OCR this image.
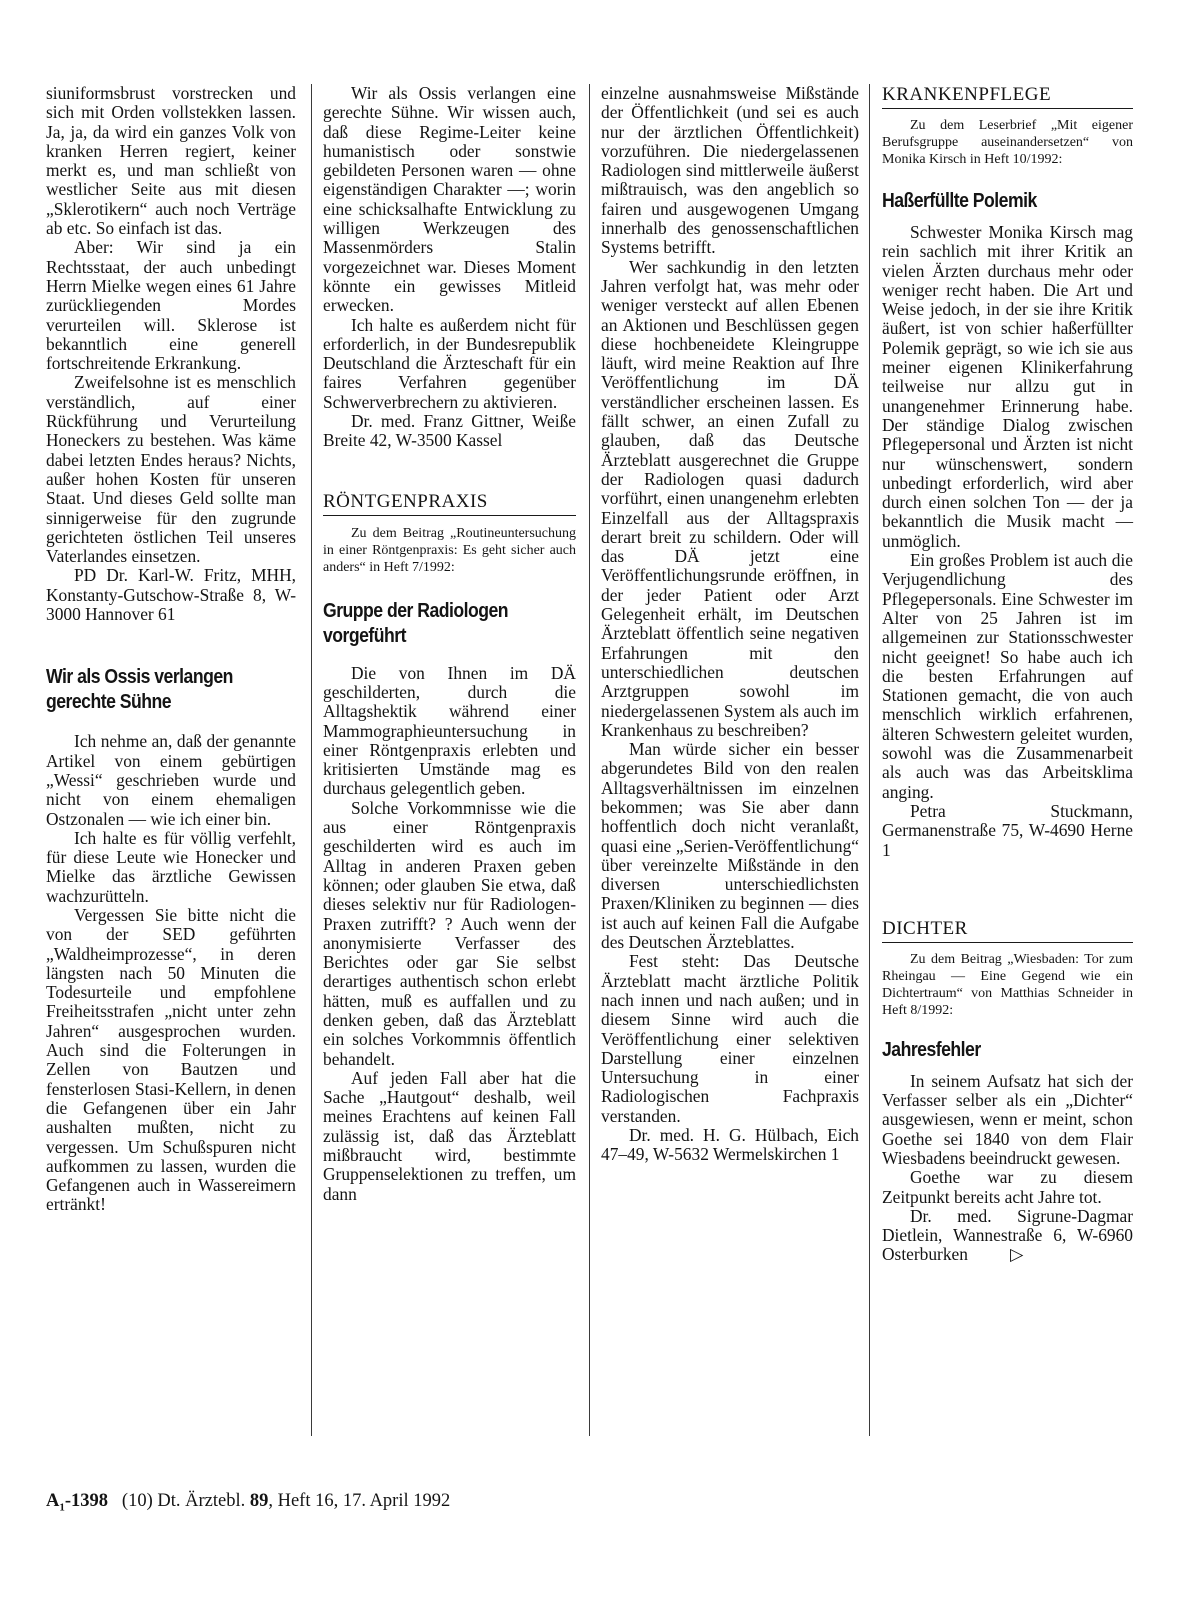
siuniformsbrust vorstrecken und sich mit Orden vollstekken lassen. Ja, ja, da wird ein ganzes Volk von kranken Herren regiert, keiner merkt es, und man schließt von westlicher Seite aus mit diesen „Sklerotikern“ auch noch Verträge ab etc. So einfach ist das.

Aber: Wir sind ja ein Rechtsstaat, der auch unbedingt Herrn Mielke wegen eines 61 Jahre zurückliegenden Mordes verurteilen will. Sklerose ist bekanntlich eine generell fortschreitende Erkrankung.

Zweifelsohne ist es menschlich verständlich, auf einer Rückführung und Verurteilung Honeckers zu bestehen. Was käme dabei letzten Endes heraus? Nichts, außer hohen Kosten für unseren Staat. Und dieses Geld sollte man sinnigerweise für den zugrunde gerichteten östlichen Teil unseres Vaterlandes einsetzen.

PD Dr. Karl-W. Fritz, MHH, Konstanty-Gutschow-Straße 8, W-3000 Hannover 61

Wir als Ossis verlangen gerechte Sühne

Ich nehme an, daß der genannte Artikel von einem gebürtigen „Wessi“ geschrieben wurde und nicht von einem ehemaligen Ostzonalen — wie ich einer bin.

Ich halte es für völlig verfehlt, für diese Leute wie Honecker und Mielke das ärztliche Gewissen wachzurütteln.

Vergessen Sie bitte nicht die von der SED geführten „Waldheimprozesse“, in deren längsten nach 50 Minuten die Todesurteile und empfohlene Freiheitsstrafen „nicht unter zehn Jahren“ ausgesprochen wurden. Auch sind die Folterungen in Zellen von Bautzen und fensterlosen Stasi-Kellern, in denen die Gefangenen über ein Jahr aushalten mußten, nicht zu vergessen. Um Schußspuren nicht aufkommen zu lassen, wurden die Gefangenen auch in Wassereimern ertränkt!

Wir als Ossis verlangen eine gerechte Sühne. Wir wissen auch, daß diese Regime-Leiter keine humanistisch oder sonstwie gebildeten Personen waren — ohne eigenständigen Charakter —; worin eine schicksalhafte Entwicklung zu willigen Werkzeugen des Massenmörders Stalin vorgezeichnet war. Dieses Moment könnte ein gewisses Mitleid erwecken.

Ich halte es außerdem nicht für erforderlich, in der Bundesrepublik Deutschland die Ärzteschaft für ein faires Verfahren gegenüber Schwerverbrechern zu aktivieren.

Dr. med. Franz Gittner, Weiße Breite 42, W-3500 Kassel

RÖNTGENPRAXIS

Zu dem Beitrag „Routineuntersuchung in einer Röntgenpraxis: Es geht sicher auch anders“ in Heft 7/1992:

Gruppe der Radiologen vorgeführt

Die von Ihnen im DÄ geschilderten, durch die Alltagshektik während einer Mammographieuntersuchung in einer Röntgenpraxis erlebten und kritisierten Umstände mag es durchaus gelegentlich geben.

Solche Vorkommnisse wie die aus einer Röntgenpraxis geschilderten wird es auch im Alltag in anderen Praxen geben können; oder glauben Sie etwa, daß dieses selektiv nur für Radiologen-Praxen zutrifft? ? Auch wenn der anonymisierte Verfasser des Berichtes oder gar Sie selbst derartiges authentisch schon erlebt hätten, muß es auffallen und zu denken geben, daß das Ärzteblatt ein solches Vorkommnis öffentlich behandelt.

Auf jeden Fall aber hat die Sache „Hautgout“ deshalb, weil meines Erachtens auf keinen Fall zulässig ist, daß das Ärzteblatt mißbraucht wird, bestimmte Gruppenselektionen zu treffen, um dann

einzelne ausnahmsweise Mißstände der Öffentlichkeit (und sei es auch nur der ärztlichen Öffentlichkeit) vorzuführen. Die niedergelassenen Radiologen sind mittlerweile äußerst mißtrauisch, was den angeblich so fairen und ausgewogenen Umgang innerhalb des genossenschaftlichen Systems betrifft.

Wer sachkundig in den letzten Jahren verfolgt hat, was mehr oder weniger versteckt auf allen Ebenen an Aktionen und Beschlüssen gegen diese hochbeneidete Kleingruppe läuft, wird meine Reaktion auf Ihre Veröffentlichung im DÄ verständlicher erscheinen lassen. Es fällt schwer, an einen Zufall zu glauben, daß das Deutsche Ärzteblatt ausgerechnet die Gruppe der Radiologen quasi dadurch vorführt, einen unangenehm erlebten Einzelfall aus der Alltagspraxis derart breit zu schildern. Oder will das DÄ jetzt eine Veröffentlichungsrunde eröffnen, in der jeder Patient oder Arzt Gelegenheit erhält, im Deutschen Ärzteblatt öffentlich seine negativen Erfahrungen mit den unterschiedlichen deutschen Arztgruppen sowohl im niedergelassenen System als auch im Krankenhaus zu beschreiben?

Man würde sicher ein besser abgerundetes Bild von den realen Alltagsverhältnissen im einzelnen bekommen; was Sie aber dann hoffentlich doch nicht veranlaßt, quasi eine „Serien-Veröffentlichung“ über vereinzelte Mißstände in den diversen unterschiedlichsten Praxen/Kliniken zu beginnen — dies ist auch auf keinen Fall die Aufgabe des Deutschen Ärzteblattes.

Fest steht: Das Deutsche Ärzteblatt macht ärztliche Politik nach innen und nach außen; und in diesem Sinne wird auch die Veröffentlichung einer selektiven Darstellung einer einzelnen Untersuchung in einer Radiologischen Fachpraxis verstanden.

Dr. med. H. G. Hülbach, Eich 47–49, W-5632 Wermelskirchen 1

KRANKENPFLEGE

Zu dem Leserbrief „Mit eigener Berufsgruppe auseinandersetzen“ von Monika Kirsch in Heft 10/1992:

Haßerfüllte Polemik

Schwester Monika Kirsch mag rein sachlich mit ihrer Kritik an vielen Ärzten durchaus mehr oder weniger recht haben. Die Art und Weise jedoch, in der sie ihre Kritik äußert, ist von schier haßerfüllter Polemik geprägt, so wie ich sie aus meiner eigenen Klinikerfahrung teilweise nur allzu gut in unangenehmer Erinnerung habe. Der ständige Dialog zwischen Pflegepersonal und Ärzten ist nicht nur wünschenswert, sondern unbedingt erforderlich, wird aber durch einen solchen Ton — der ja bekanntlich die Musik macht — unmöglich.

Ein großes Problem ist auch die Verjugendlichung des Pflegepersonals. Eine Schwester im Alter von 25 Jahren ist im allgemeinen zur Stationsschwester nicht geeignet! So habe auch ich die besten Erfahrungen auf Stationen gemacht, die von auch menschlich wirklich erfahrenen, älteren Schwestern geleitet wurden, sowohl was die Zusammenarbeit als auch was das Arbeitsklima anging.

Petra Stuckmann, Germanenstraße 75, W-4690 Herne 1

DICHTER

Zu dem Beitrag „Wiesbaden: Tor zum Rheingau — Eine Gegend wie ein Dichtertraum“ von Matthias Schneider in Heft 8/1992:

Jahresfehler

In seinem Aufsatz hat sich der Verfasser selber als ein „Dichter“ ausgewiesen, wenn er meint, schon Goethe sei 1840 von dem Flair Wiesbadens beeindruckt gewesen.

Goethe war zu diesem Zeitpunkt bereits acht Jahre tot.

Dr. med. Sigrune-Dagmar Dietlein, Wannestraße 6, W-6960 Osterburken ▷

$A_1-1398$ (10) Dt. Ärztebl. 89, Heft 16, 17. April 1992
